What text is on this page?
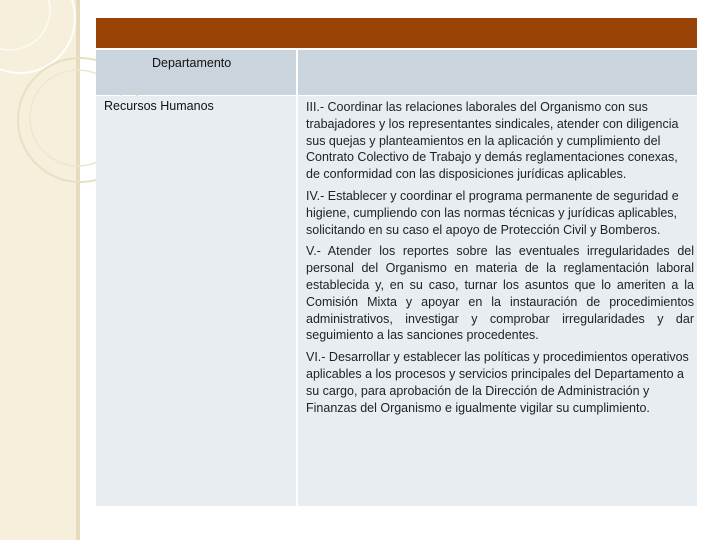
Departamento
Recursos Humanos	III.- Coordinar las relaciones laborales del Organismo con sus trabajadores y los representantes sindicales, atender con diligencia sus quejas y planteamientos en la aplicación y cumplimiento del Contrato Colectivo de Trabajo y demás reglamentaciones conexas, de conformidad con las disposiciones jurídicas aplicables.

IV.- Establecer y coordinar el programa permanente de seguridad e higiene, cumpliendo con las normas técnicas y jurídicas aplicables, solicitando en su caso el apoyo de Protección Civil y Bomberos.

V.- Atender los reportes sobre las eventuales irregularidades del personal del Organismo en materia de la reglamentación laboral establecida y, en su caso, turnar los asuntos que lo ameriten a la Comisión Mixta y apoyar en la instauración de procedimientos administrativos, investigar y comprobar irregularidades y dar seguimiento a las sanciones procedentes.

VI.- Desarrollar y establecer las políticas y procedimientos operativos aplicables a los procesos y servicios principales del Departamento a su cargo, para aprobación de la Dirección de Administración y Finanzas del Organismo e igualmente vigilar su cumplimiento.
